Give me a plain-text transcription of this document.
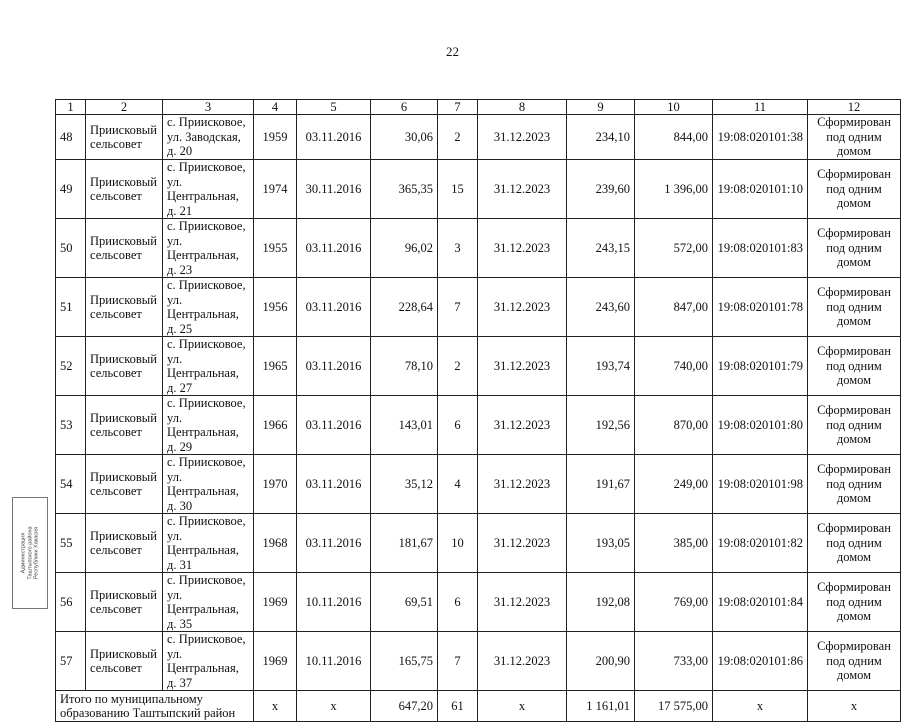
22
1	2	3	4	5	6	7	8	9	10	11	12
48	Приисковый сельсовет	с. Приисковое, ул. Заводская, д. 20	1959	03.11.2016	30,06	2	31.12.2023	234,10	844,00	19:08:020101:38	Сформирован под одним домом
49	Приисковый сельсовет	с. Приисковое, ул. Центральная, д. 21	1974	30.11.2016	365,35	15	31.12.2023	239,60	1 396,00	19:08:020101:10	Сформирован под одним домом
50	Приисковый сельсовет	с. Приисковое, ул. Центральная, д. 23	1955	03.11.2016	96,02	3	31.12.2023	243,15	572,00	19:08:020101:83	Сформирован под одним домом
51	Приисковый сельсовет	с. Приисковое, ул. Центральная, д. 25	1956	03.11.2016	228,64	7	31.12.2023	243,60	847,00	19:08:020101:78	Сформирован под одним домом
52	Приисковый сельсовет	с. Приисковое, ул. Центральная, д. 27	1965	03.11.2016	78,10	2	31.12.2023	193,74	740,00	19:08:020101:79	Сформирован под одним домом
53	Приисковый сельсовет	с. Приисковое, ул. Центральная, д. 29	1966	03.11.2016	143,01	6	31.12.2023	192,56	870,00	19:08:020101:80	Сформирован под одним домом
54	Приисковый сельсовет	с. Приисковое, ул. Центральная, д. 30	1970	03.11.2016	35,12	4	31.12.2023	191,67	249,00	19:08:020101:98	Сформирован под одним домом
55	Приисковый сельсовет	с. Приисковое, ул. Центральная, д. 31	1968	03.11.2016	181,67	10	31.12.2023	193,05	385,00	19:08:020101:82	Сформирован под одним домом
56	Приисковый сельсовет	с. Приисковое, ул. Центральная, д. 35	1969	10.11.2016	69,51	6	31.12.2023	192,08	769,00	19:08:020101:84	Сформирован под одним домом
57	Приисковый сельсовет	с. Приисковое, ул. Центральная, д. 37	1969	10.11.2016	165,75	7	31.12.2023	200,90	733,00	19:08:020101:86	Сформирован под одним домом
Итого по муниципальному образованию Таштыпский район			х	х	647,20	61	х	1 161,01	17 575,00	х	х
Администрация Таштыпского района Республики Хакасия
